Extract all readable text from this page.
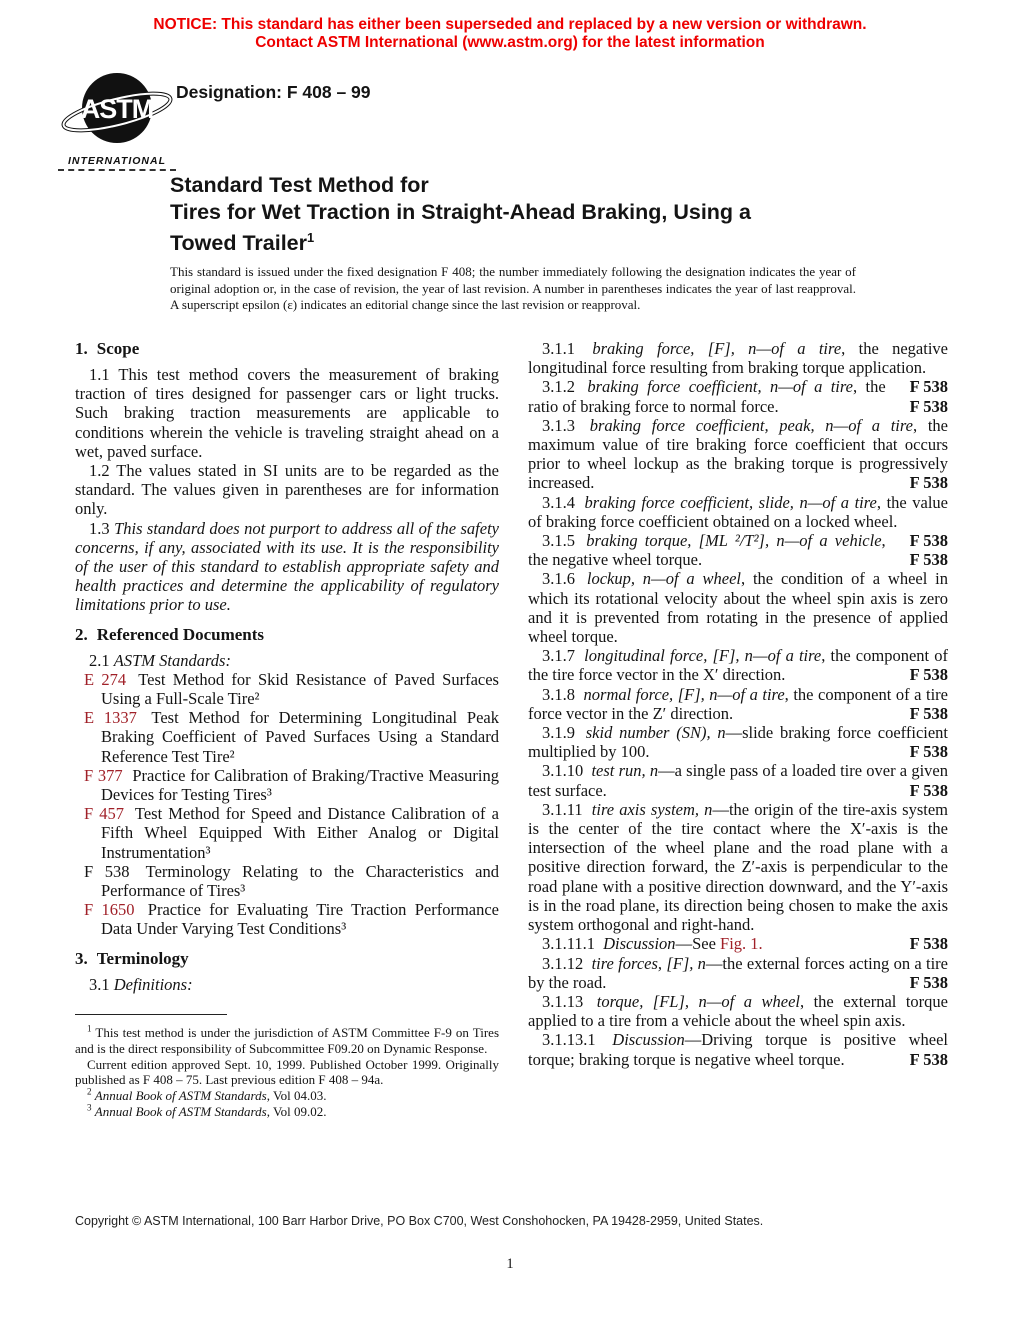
NOTICE: This standard has either been superseded and replaced by a new version or withdrawn.
Contact ASTM International (www.astm.org) for the latest information
ASTM
INTERNATIONAL
Designation: F 408 – 99
Standard Test Method for
Tires for Wet Traction in Straight-Ahead Braking, Using a
Towed Trailer$^1$
This standard is issued under the fixed designation F 408; the number immediately following the designation indicates the year of original adoption or, in the case of revision, the year of last revision. A number in parentheses indicates the year of last reapproval. A superscript epsilon (ε) indicates an editorial change since the last revision or reapproval.
1. Scope

1.1 This test method covers the measurement of braking traction of tires designed for passenger cars or light trucks. Such braking traction measurements are applicable to conditions wherein the vehicle is traveling straight ahead on a wet, paved surface.

1.2 The values stated in SI units are to be regarded as the standard. The values given in parentheses are for information only.

1.3 This standard does not purport to address all of the safety concerns, if any, associated with its use. It is the responsibility of the user of this standard to establish appropriate safety and health practices and determine the applicability of regulatory limitations prior to use.

2. Referenced Documents

2.1 ASTM Standards:

E 274 Test Method for Skid Resistance of Paved Surfaces Using a Full-Scale Tire²

E 1337 Test Method for Determining Longitudinal Peak Braking Coefficient of Paved Surfaces Using a Standard Reference Test Tire²

F 377 Practice for Calibration of Braking/Tractive Measuring Devices for Testing Tires³

F 457 Test Method for Speed and Distance Calibration of a Fifth Wheel Equipped With Either Analog or Digital Instrumentation³

F 538 Terminology Relating to the Characteristics and Performance of Tires³

F 1650 Practice for Evaluating Tire Traction Performance Data Under Varying Test Conditions³

3. Terminology

3.1 Definitions:

3.1.1 braking force, [F], n—of a tire, the negative longitudinal force resulting from braking torque application.
F 538

3.1.2 braking force coefficient, n—of a tire, the ratio of braking force to normal force.	F 538

3.1.3 braking force coefficient, peak, n—of a tire, the maximum value of tire braking force coefficient that occurs prior to wheel lockup as the braking torque is progressively increased.	F 538

3.1.4 braking force coefficient, slide, n—of a tire, the value of braking force coefficient obtained on a locked wheel.
F 538

3.1.5 braking torque, [ML ²/T²], n—of a vehicle, the negative wheel torque.	F 538

3.1.6 lockup, n—of a wheel, the condition of a wheel in which its rotational velocity about the wheel spin axis is zero and it is prevented from rotating in the presence of applied wheel torque.

3.1.7 longitudinal force, [F], n—of a tire, the component of the tire force vector in the X′ direction.	F 538

3.1.8 normal force, [F], n—of a tire, the component of a tire force vector in the Z′ direction.	F 538

3.1.9 skid number (SN), n—slide braking force coefficient multiplied by 100.	F 538

3.1.10 test run, n—a single pass of a loaded tire over a given test surface.	F 538

3.1.11 tire axis system, n—the origin of the tire-axis system is the center of the tire contact where the X′-axis is the intersection of the wheel plane and the road plane with a positive direction forward, the Z′-axis is perpendicular to the road plane with a positive direction downward, and the Y′-axis is in the road plane, its direction being chosen to make the axis system orthogonal and right-hand.

3.1.11.1 Discussion—See Fig. 1.	F 538

3.1.12 tire forces, [F], n—the external forces acting on a tire by the road.	F 538

3.1.13 torque, [FL], n—of a wheel, the external torque applied to a tire from a vehicle about the wheel spin axis.

3.1.13.1 Discussion—Driving torque is positive wheel torque; braking torque is negative wheel torque.	F 538

$^1$ This test method is under the jurisdiction of ASTM Committee F-9 on Tires and is the direct responsibility of Subcommittee F09.20 on Dynamic Response.

Current edition approved Sept. 10, 1999. Published October 1999. Originally published as F 408 – 75. Last previous edition F 408 – 94a.

$^2$ Annual Book of ASTM Standards, Vol 04.03.

$^3$ Annual Book of ASTM Standards, Vol 09.02.

Copyright © ASTM International, 100 Barr Harbor Drive, PO Box C700, West Conshohocken, PA 19428-2959, United States.
1
